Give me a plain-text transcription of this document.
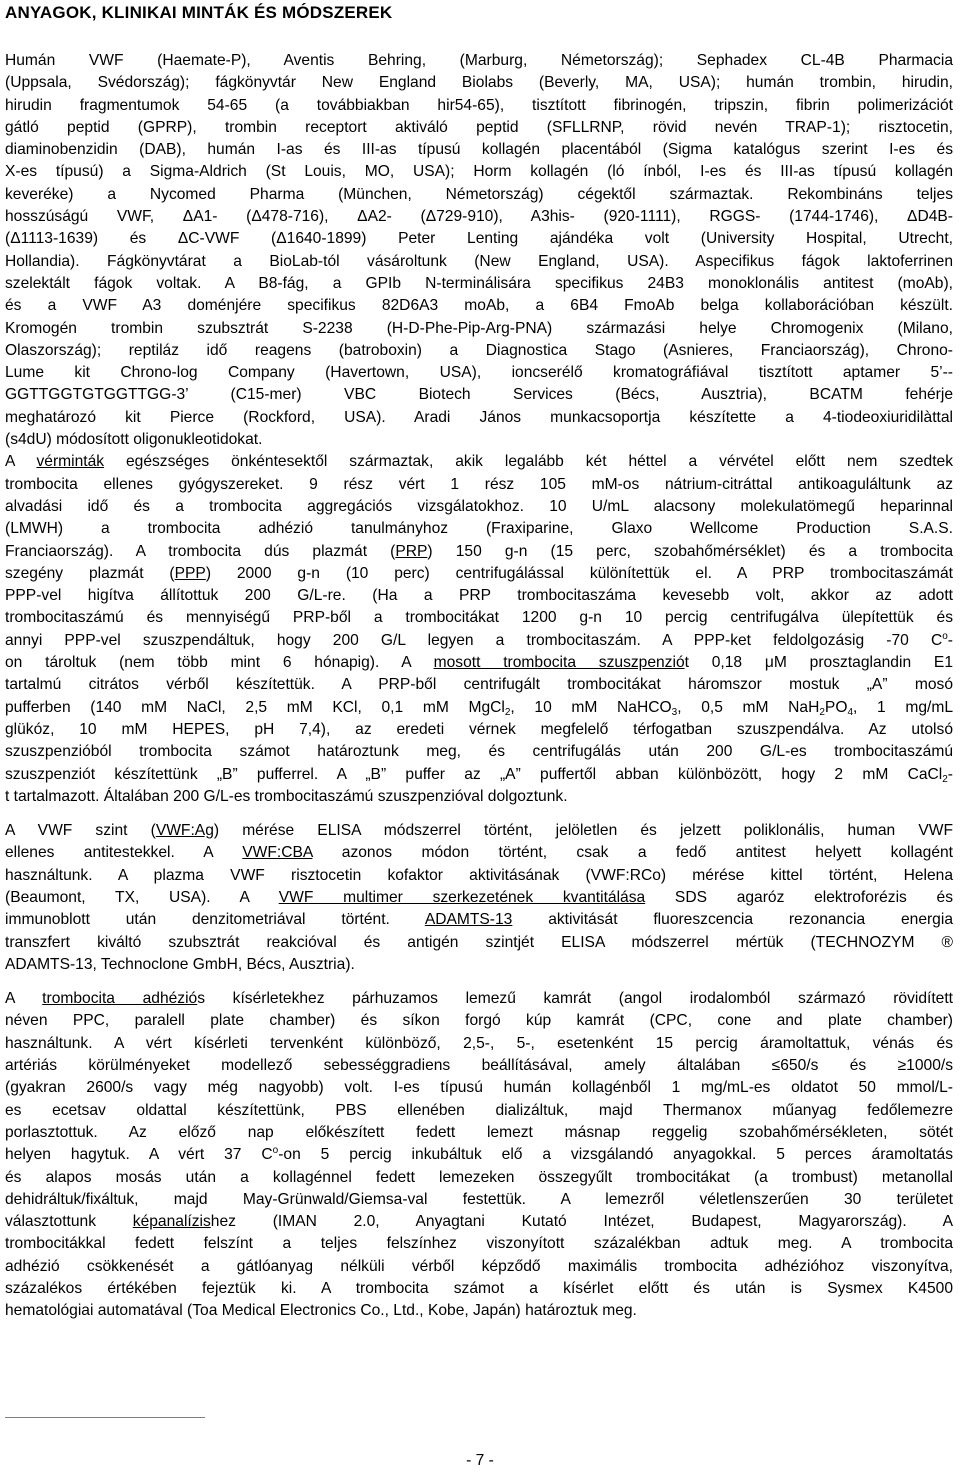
ANYAGOK, KLINIKAI MINTÁK ÉS MÓDSZEREK
Humán VWF (Haemate-P), Aventis Behring, (Marburg, Németország); Sephadex CL-4B Pharmacia
(Uppsala, Svédország); fágkönyvtár New England Biolabs (Beverly, MA, USA); humán trombin, hirudin,
hirudin fragmentumok 54-65 (a továbbiakban hir54-65), tisztított fibrinogén, tripszin, fibrin polimerizációt
gátló peptid (GPRP), trombin receptort aktiváló peptid (SFLLRNP, rövid nevén TRAP-1); risztocetin,
diaminobenzidin (DAB), humán I-as és III-as típusú kollagén placentából (Sigma katalógus szerint I-es és
X-es típusú) a Sigma-Aldrich (St Louis, MO, USA); Horm kollagén (ló ínból, I-es és III-as típusú kollagén
keveréke) a Nycomed Pharma (München, Németország) cégektől származtak. Rekombináns teljes
hosszúságú VWF, ΔA1- (Δ478-716), ΔA2- (Δ729-910), A3his- (920-1111), RGGS- (1744-1746), ΔD4B-
(Δ1113-1639) és ΔC-VWF (Δ1640-1899) Peter Lenting ajándéka volt (University Hospital, Utrecht,
Hollandia). Fágkönyvtárat a BioLab-tól vásároltunk (New England, USA). Aspecifikus fágok laktoferrinen
szelektált fágok voltak. A B8-fág, a GPIb N-terminálisára specifikus 24B3 monoklonális antitest (moAb),
és a VWF A3 doménjére specifikus 82D6A3 moAb, a 6B4 FmoAb belga kollaborációban készült.
Kromogén trombin szubsztrát S-2238 (H-D-Phe-Pip-Arg-PNA) származási helye Chromogenix (Milano,
Olaszország); reptiláz idő reagens (batroboxin) a Diagnostica Stago (Asnieres, Franciaország), Chrono-
Lume kit Chrono-log Company (Havertown, USA), ioncserélő kromatográfiával tisztított aptamer 5’--
GGTTGGTGTGGTTGG-3’ (C15-mer) VBC Biotech Services (Bécs, Ausztria), BCATM fehérje
meghatározó kit Pierce (Rockford, USA). Aradi János munkacsoportja készítette a 4-tiodeoxiuridilàttal
(s4dU) módosított oligonukleotidokat.
A vérminták egészséges önkéntesektől származtak, akik legalább két héttel a vérvétel előtt nem szedtek
trombocita ellenes gyógyszereket. 9 rész vért 1 rész 105 mM-os nátrium-citráttal antikoaguláltunk az
alvadási idő és a trombocita aggregációs vizsgálatokhoz. 10 U/mL alacsony molekulatömegű heparinnal
(LMWH) a trombocita adhézió tanulmányhoz (Fraxiparine, Glaxo Wellcome Production S.A.S.
Franciaország). A trombocita dús plazmát (PRP) 150 g-n (15 perc, szobahőmérséklet) és a trombocita
szegény plazmát (PPP) 2000 g-n (10 perc) centrifugálással különítettük el. A PRP trombocitaszámát
PPP-vel higítva állítottuk 200 G/L-re. (Ha a PRP trombocitaszáma kevesebb volt, akkor az adott
trombocitaszámú és mennyiségű PRP-ből a trombocitákat 1200 g-n 10 percig centrifugálva ülepítettük és
annyi PPP-vel szuszpendáltuk, hogy 200 G/L legyen a trombocitaszám. A PPP-ket feldolgozásig -70 $C^o-$
on tároltuk (nem több mint 6 hónapig). A mosott trombocita szuszpenziót 0,18 μM prosztaglandin E1
tartalmú citrátos vérből készítettük. A PRP-ből centrifugált trombocitákat háromszor mostuk „A” mosó
pufferben (140 mM NaCl, 2,5 mM KCl, 0,1 mM MgCl$_2$, 10 mM NaHCO$_3$, 0,5 mM $NaH_2PO_4$, 1 mg/mL
glükóz, 10 mM HEPES, pH 7,4), az eredeti vérnek megfelelő térfogatban szuszpendálva. Az utolsó
szuszpenzióból trombocita számot határoztunk meg, és centrifugálás után 200 G/L-es trombocitaszámú
szuszpenziót készítettünk „B” pufferrel. A „B” puffer az „A” puffertől abban különbözött, hogy 2 mM CaCl$_2$-
t tartalmazott. Általában 200 G/L-es trombocitaszámú szuszpenzióval dolgoztunk.
A VWF szint (VWF:Ag) mérése ELISA módszerrel történt, jelöletlen és jelzett poliklonális, human VWF
ellenes antitestekkel. A VWF:CBA azonos módon történt, csak a fedő antitest helyett kollagént
használtunk. A plazma VWF risztocetin kofaktor aktivitásának (VWF:RCo) mérése kittel történt, Helena
(Beaumont, TX, USA). A VWF multimer szerkezetének kvantitálása SDS agaróz elektroforézis és
immunoblott után denzitometriával történt. ADAMTS-13 aktivitását fluoreszcencia rezonancia energia
transzfert kiváltó szubsztrát reakcióval és antigén szintjét ELISA módszerrel mértük (TECHNOZYM ®
ADAMTS-13, Technoclone GmbH, Bécs, Ausztria).
A trombocita adhéziós kísérletekhez párhuzamos lemezű kamrát (angol irodalomból származó rövidített
néven PPC, paralell plate chamber) és síkon forgó kúp kamrát (CPC, cone and plate chamber)
használtunk. A vért kísérleti tervenként különböző, 2,5-, 5-, esetenként 15 percig áramoltattuk, vénás és
artériás körülményeket modellező sebességgradiens beállításával, amely általában ≤650/s és ≥1000/s
(gyakran 2600/s vagy még nagyobb) volt. I-es típusú humán kollagénből 1 mg/mL-es oldatot 50 mmol/L-
es ecetsav oldattal készítettünk, PBS ellenében dializáltuk, majd Thermanox műanyag fedőlemezre
porlasztottuk. Az előző nap előkészített fedett lemezt másnap reggelig szobahőmérsékleten, sötét
helyen hagytuk. A vért 37 $C^o-on$ 5 percig inkubáltuk elő a vizsgálandó anyagokkal. 5 perces áramoltatás
és alapos mosás után a kollagénnel fedett lemezeken összegyűlt trombocitákat (a trombust) metanollal
dehidráltuk/fixáltuk, majd May-Grünwald/Giemsa-val festettük. A lemezről véletlenszerűen 30 területet
választottunk képanalízishez (IMAN 2.0, Anyagtani Kutató Intézet, Budapest, Magyarország). A
trombocitákkal fedett felszínt a teljes felszínhez viszonyított százalékban adtuk meg. A trombocita
adhézió csökkenését a gátlóanyag nélküli vérből képződő maximális trombocita adhézióhoz viszonyítva,
százalékos értékében fejeztük ki. A trombocita számot a kísérlet előtt és után is Sysmex K4500
hematológiai automatával (Toa Medical Electronics Co., Ltd., Kobe, Japán) határoztuk meg.
- 7 -
